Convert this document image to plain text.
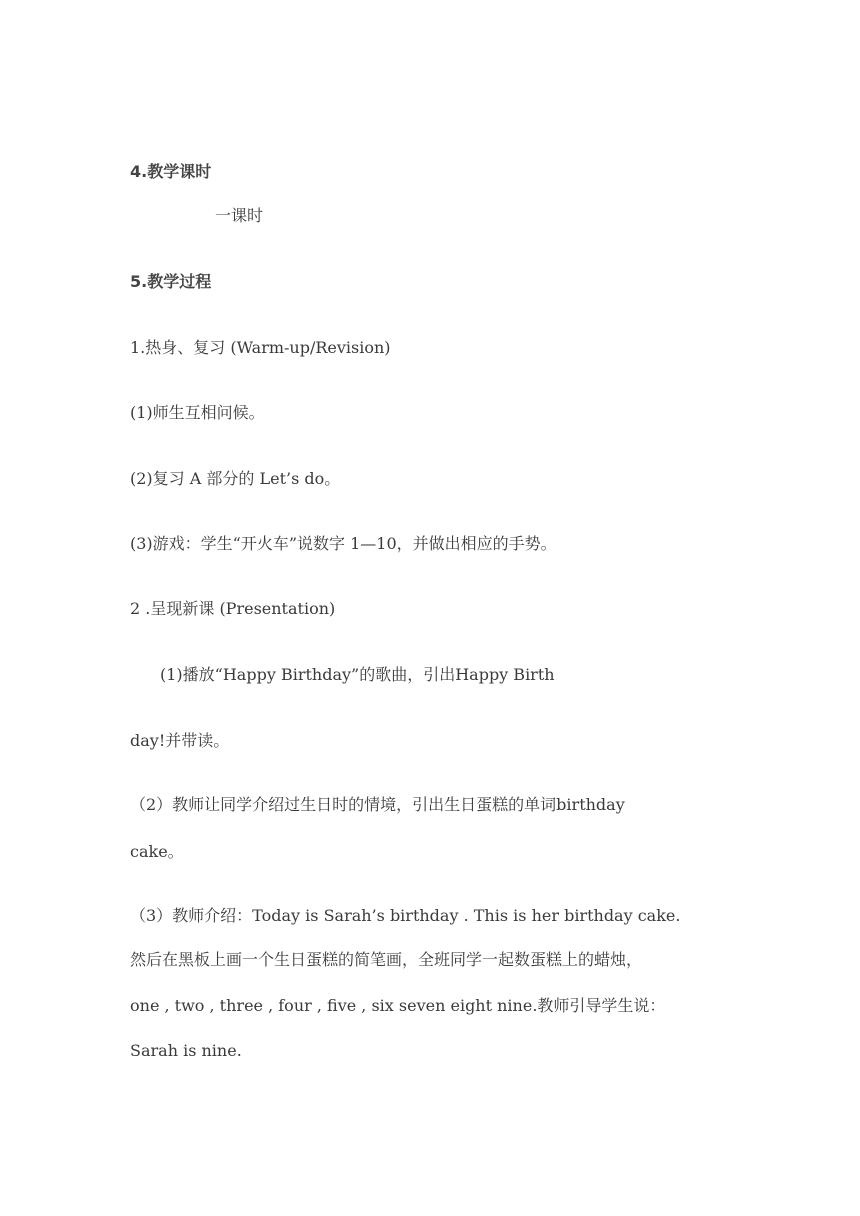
4.教学课时
一课时
5.教学过程
1.热身、复习 (Warm-up/Revision)
(1)师生互相问候。
(2)复习 A 部分的 Let’s do。
(3)游戏：学生“开火车”说数字 1—10，并做出相应的手势。
2 .呈现新课 (Presentation)
(1)播放“Happy Birthday”的歌曲，引出Happy Birth
day!并带读。
（2）教师让同学介绍过生日时的情境，引出生日蛋糕的单词birthday
cake。
（3）教师介绍：Today is Sarah’s birthday . This is her birthday cake.
然后在黑板上画一个生日蛋糕的简笔画，全班同学一起数蛋糕上的蜡烛，
one , two , three , four , five , six seven eight nine.教师引导学生说：
Sarah is nine.
